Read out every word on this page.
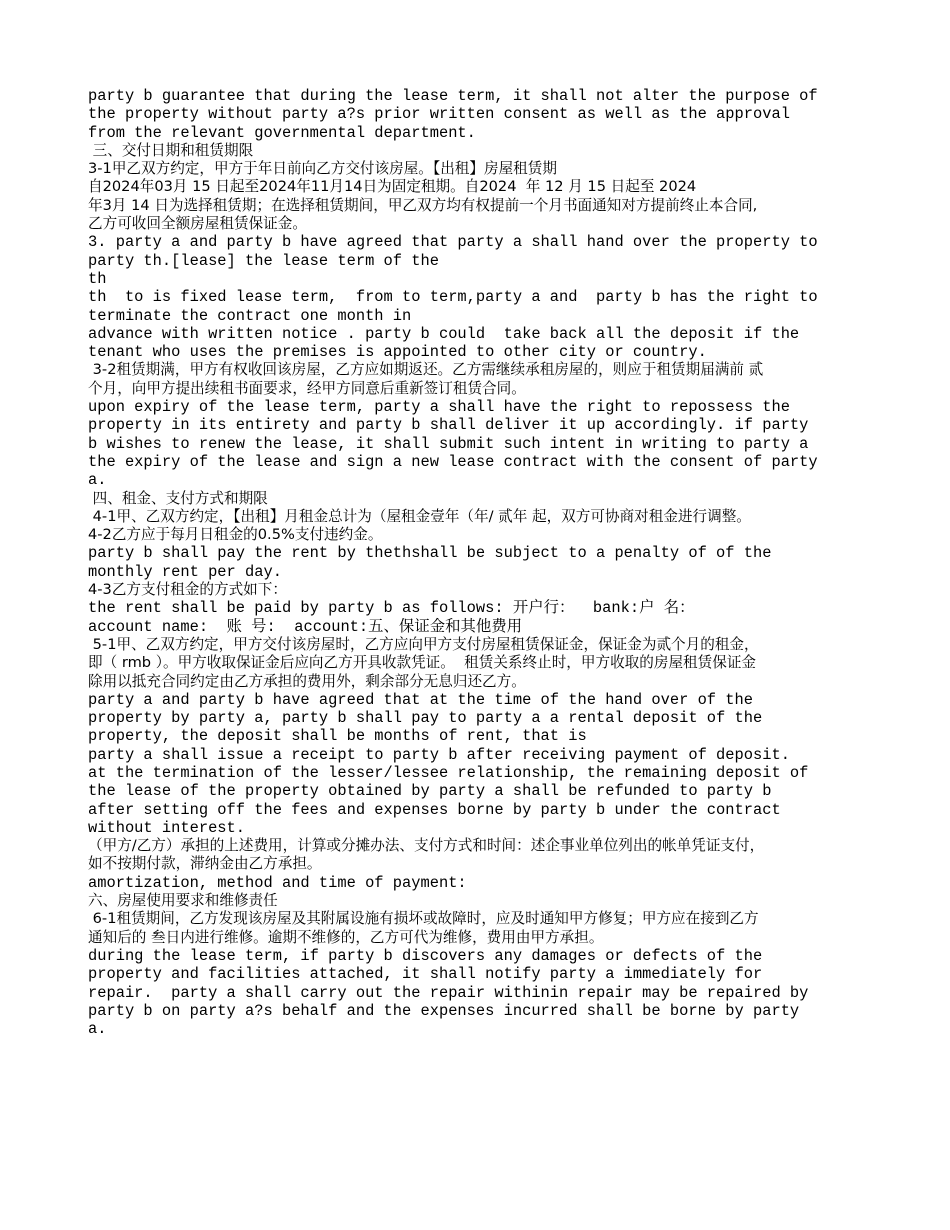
party b guarantee that during the lease term, it shall not alter the purpose of
the property without party a?s prior written consent as well as the approval
from the relevant governmental department.
三、交付日期和租赁期限
3-1甲乙双方约定，甲方于年日前向乙方交付该房屋。【出租】房屋租赁期
自2024年03月 15 日起至2024年11月14日为固定租期。自2024  年 12 月 15 日起至 2024
年3月 14 日为选择租赁期；在选择租赁期间，甲乙双方均有权提前一个月书面通知对方提前终止本合同,
乙方可收回全额房屋租赁保证金。
3. party a and party b have agreed that party a shall hand over the property to
party th.[lease] the lease term of the
th
th  to is fixed lease term,  from to term,party a and  party b has the right to
terminate the contract one month in
advance with written notice . party b could  take back all the deposit if the
tenant who uses the premises is appointed to other city or country.
3-2租赁期满，甲方有权收回该房屋，乙方应如期返还。乙方需继续承租房屋的，则应于租赁期届满前 贰
个月，向甲方提出续租书面要求，经甲方同意后重新签订租赁合同。
upon expiry of the lease term, party a shall have the right to repossess the
property in its entirety and party b shall deliver it up accordingly. if party
b wishes to renew the lease, it shall submit such intent in writing to party a
the expiry of the lease and sign a new lease contract with the consent of party
a.
四、租金、支付方式和期限
4-1甲、乙双方约定，【出租】月租金总计为（屋租金壹年（年/ 贰年 起，双方可协商对租金进行调整。
4-2乙方应于每月日租金的0.5%支付违约金。
party b shall pay the rent by thethshall be subject to a penalty of of the
monthly rent per day.
4-3乙方支付租金的方式如下：
the rent shall be paid by party b as follows: 开户行：  bank:户 名：
account name:  账 号:  account:五、保证金和其他费用
5-1甲、乙双方约定，甲方交付该房屋时，乙方应向甲方支付房屋租赁保证金，保证金为贰个月的租金，
即（ rmb ）。甲方收取保证金后应向乙方开具收款凭证。  租赁关系终止时，甲方收取的房屋租赁保证金
除用以抵充合同约定由乙方承担的费用外，剩余部分无息归还乙方。
party a and party b have agreed that at the time of the hand over of the
property by party a, party b shall pay to party a a rental deposit of the
property, the deposit shall be months of rent, that is
party a shall issue a receipt to party b after receiving payment of deposit.
at the termination of the lesser/lessee relationship, the remaining deposit of
the lease of the property obtained by party a shall be refunded to party b
after setting off the fees and expenses borne by party b under the contract
without interest.
（甲方/乙方）承担的上述费用，计算或分摊办法、支付方式和时间：述企事业单位列出的帐单凭证支付，
如不按期付款，滞纳金由乙方承担。
amortization, method and time of payment:
六、房屋使用要求和维修责任
6-1租赁期间，乙方发现该房屋及其附属设施有损坏或故障时，应及时通知甲方修复；甲方应在接到乙方
通知后的 叁日内进行维修。逾期不维修的，乙方可代为维修，费用由甲方承担。
during the lease term, if party b discovers any damages or defects of the
property and facilities attached, it shall notify party a immediately for
repair.  party a shall carry out the repair withinin repair may be repaired by
party b on party a?s behalf and the expenses incurred shall be borne by party
a.
